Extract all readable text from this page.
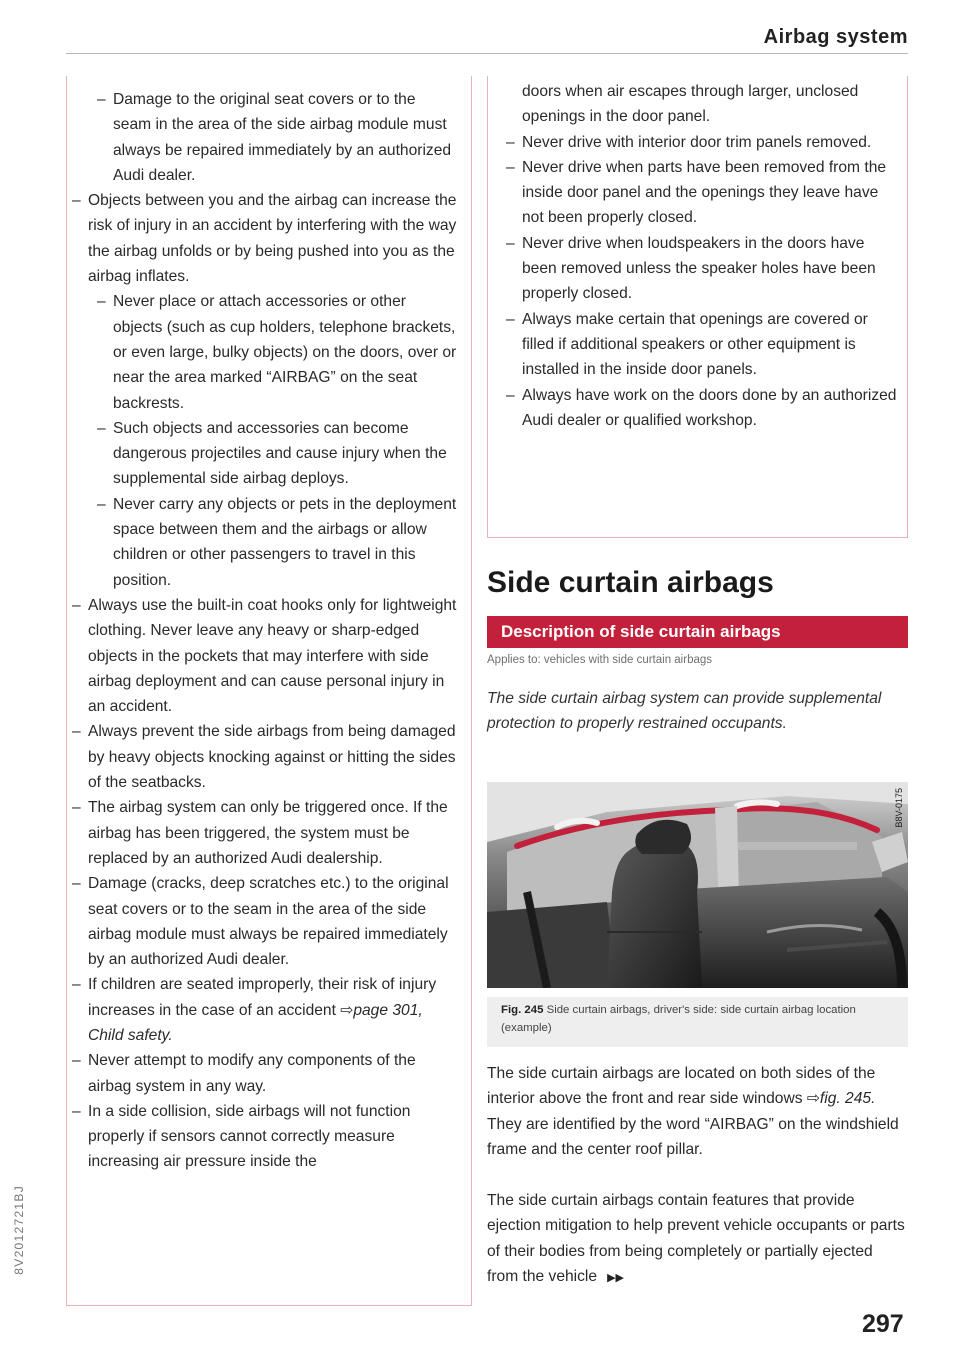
Airbag system
– Damage to the original seat covers or to the seam in the area of the side airbag module must always be repaired immediately by an authorized Audi dealer.
– Objects between you and the airbag can increase the risk of injury in an accident by interfering with the way the airbag unfolds or by being pushed into you as the airbag inflates.
– Never place or attach accessories or other objects (such as cup holders, telephone brackets, or even large, bulky objects) on the doors, over or near the area marked “AIRBAG” on the seat backrests.
– Such objects and accessories can become dangerous projectiles and cause injury when the supplemental side airbag deploys.
– Never carry any objects or pets in the deployment space between them and the airbags or allow children or other passengers to travel in this position.
– Always use the built-in coat hooks only for lightweight clothing. Never leave any heavy or sharp-edged objects in the pockets that may interfere with side airbag deployment and can cause personal injury in an accident.
– Always prevent the side airbags from being damaged by heavy objects knocking against or hitting the sides of the seatbacks.
– The airbag system can only be triggered once. If the airbag has been triggered, the system must be replaced by an authorized Audi dealership.
– Damage (cracks, deep scratches etc.) to the original seat covers or to the seam in the area of the side airbag module must always be repaired immediately by an authorized Audi dealer.
– If children are seated improperly, their risk of injury increases in the case of an accident ⇨page 301, Child safety.
– Never attempt to modify any components of the airbag system in any way.
– In a side collision, side airbags will not function properly if sensors cannot correctly measure increasing air pressure inside the
doors when air escapes through larger, unclosed openings in the door panel.
– Never drive with interior door trim panels removed.
– Never drive when parts have been removed from the inside door panel and the openings they leave have not been properly closed.
– Never drive when loudspeakers in the doors have been removed unless the speaker holes have been properly closed.
– Always make certain that openings are covered or filled if additional speakers or other equipment is installed in the inside door panels.
– Always have work on the doors done by an authorized Audi dealer or qualified workshop.
Side curtain airbags
Description of side curtain airbags
Applies to: vehicles with side curtain airbags
The side curtain airbag system can provide supplemental protection to properly restrained occupants.
B8V-0175
Fig. 245 Side curtain airbags, driver's side: side curtain airbag location (example)

The side curtain airbags are located on both sides of the interior above the front and rear side windows ⇨fig. 245. They are identified by the word “AIRBAG” on the windshield frame and the center roof pillar.

The side curtain airbags contain features that provide ejection mitigation to help prevent vehicle occupants or parts of their bodies from being completely or partially ejected from the vehicle ▶▶

297
8V2012721BJ
